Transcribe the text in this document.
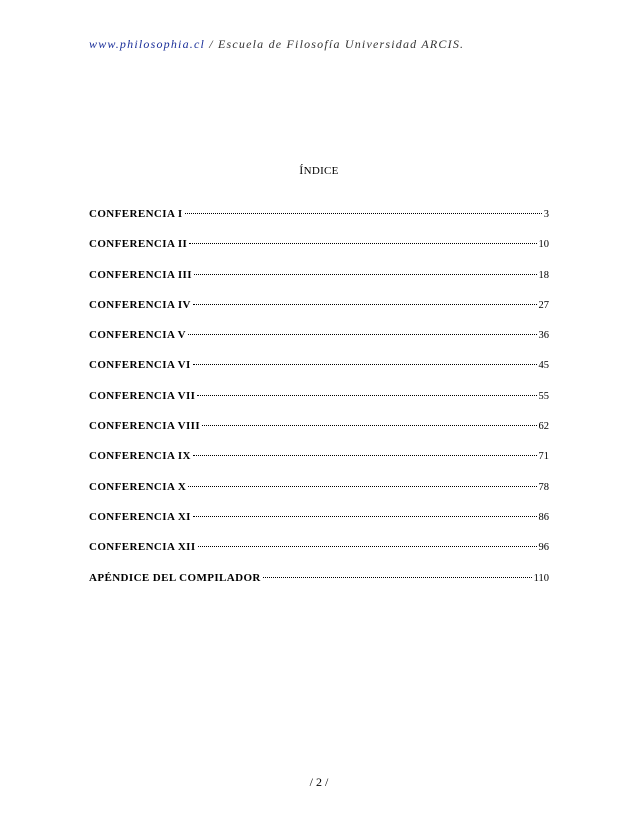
www.philosophia.cl / Escuela de Filosofía Universidad ARCIS.
ÍNDICE
CONFERENCIA I	3
CONFERENCIA II	10
CONFERENCIA III	18
CONFERENCIA IV	27
CONFERENCIA V	36
CONFERENCIA VI	45
CONFERENCIA VII	55
CONFERENCIA VIII	62
CONFERENCIA IX	71
CONFERENCIA X	78
CONFERENCIA XI	86
CONFERENCIA XII	96
APÉNDICE DEL COMPILADOR	110
/ 2 /
